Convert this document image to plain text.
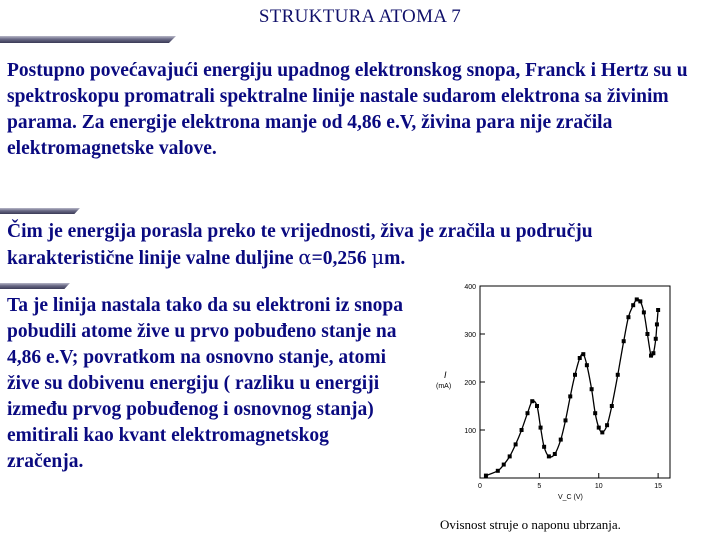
STRUKTURA ATOMA 7

Postupno povećavajući energiju upadnog elektronskog snopa, Franck i Hertz su u spektroskopu promatrali spektralne linije nastale sudarom elektrona sa živinim parama. Za energije elektrona manje od 4,86 e.V, živina para nije zračila elektromagnetske valove.

Čim je energija porasla preko te vrijednosti, živa je zračila u području karakteristične linije valne duljine α=0,256 μm.

Ta je linija nastala tako da su elektroni iz snopa pobudili atome žive u prvo pobuđeno stanje na 4,86 e.V; povratkom na osnovno stanje, atomi žive su dobivenu energiju ( razliku u energiji između prvog pobuđenog i osnovnog stanja) emitirali kao kvant elektromagnetskog zračenja.

0	5	10	15
100
200
300
400
I
(mA)
V_C (V)
Ovisnost struje o naponu ubrzanja.
